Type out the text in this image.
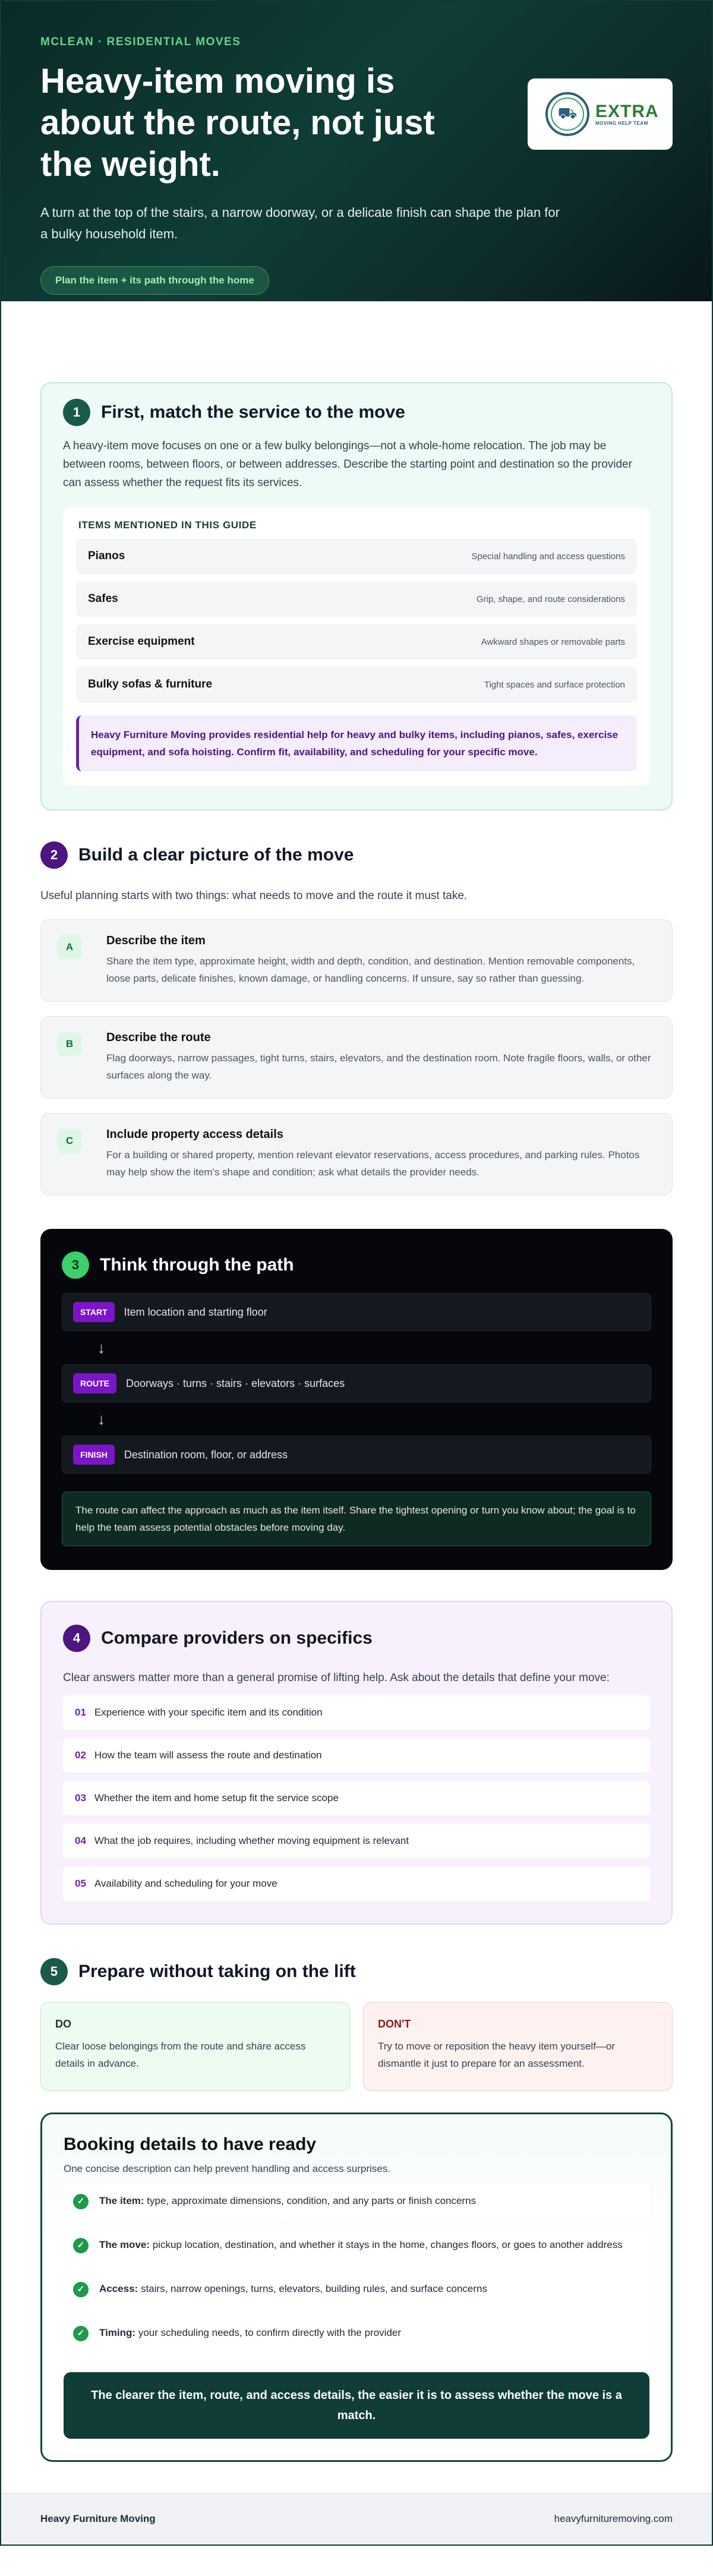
MCLEAN · RESIDENTIAL MOVES
Heavy-item moving is about the route, not just the weight.

A turn at the top of the stairs, a narrow doorway, or a delicate finish can shape the plan for a bulky household item.

Plan the item + its path through the home
⛟ EXTRA
MOVING HELP TEAM
1	First, match the service to the move

A heavy-item move focuses on one or a few bulky belongings—not a whole-home relocation. The job may be between rooms, between floors, or between addresses. Describe the starting point and destination so the provider can assess whether the request fits its services.

ITEMS MENTIONED IN THIS GUIDE
Pianos	Special handling and access questions
Safes	Grip, shape, and route considerations
Exercise equipment	Awkward shapes or removable parts
Bulky sofas & furniture	Tight spaces and surface protection
Heavy Furniture Moving provides residential help for heavy and bulky items, including pianos, safes, exercise equipment, and sofa hoisting. Confirm fit, availability, and scheduling for your specific move.
2	Build a clear picture of the move

Useful planning starts with two things: what needs to move and the route it must take.

A	Describe the item
Share the item type, approximate height, width and depth, condition, and destination. Mention removable components, loose parts, delicate finishes, known damage, or handling concerns. If unsure, say so rather than guessing.
B	Describe the route
Flag doorways, narrow passages, tight turns, stairs, elevators, and the destination room. Note fragile floors, walls, or other surfaces along the way.
C	Include property access details
For a building or shared property, mention relevant elevator reservations, access procedures, and parking rules. Photos may help show the item's shape and condition; ask what details the provider needs.
3	Think through the path
START	Item location and starting floor
↓
ROUTE	Doorways · turns · stairs · elevators · surfaces
↓
FINISH	Destination room, floor, or address
The route can affect the approach as much as the item itself. Share the tightest opening or turn you know about; the goal is to help the team assess potential obstacles before moving day.
4	Compare providers on specifics

Clear answers matter more than a general promise of lifting help. Ask about the details that define your move:

01 Experience with your specific item and its condition
02 How the team will assess the route and destination
03 Whether the item and home setup fit the service scope
04 What the job requires, including whether moving equipment is relevant
05 Availability and scheduling for your move
5	Prepare without taking on the lift
DO
Clear loose belongings from the route and share access details in advance.
DON'T
Try to move or reposition the heavy item yourself—or dismantle it just to prepare for an assessment.
Booking details to have ready

One concise description can help prevent handling and access surprises.

✓	The item: type, approximate dimensions, condition, and any parts or finish concerns
✓	The move: pickup location, destination, and whether it stays in the home, changes floors, or goes to another address
✓	Access: stairs, narrow openings, turns, elevators, building rules, and surface concerns
✓	Timing: your scheduling needs, to confirm directly with the provider
The clearer the item, route, and access details, the easier it is to assess whether the move is a match.
Heavy Furniture Moving	heavyfurnituremoving.com
